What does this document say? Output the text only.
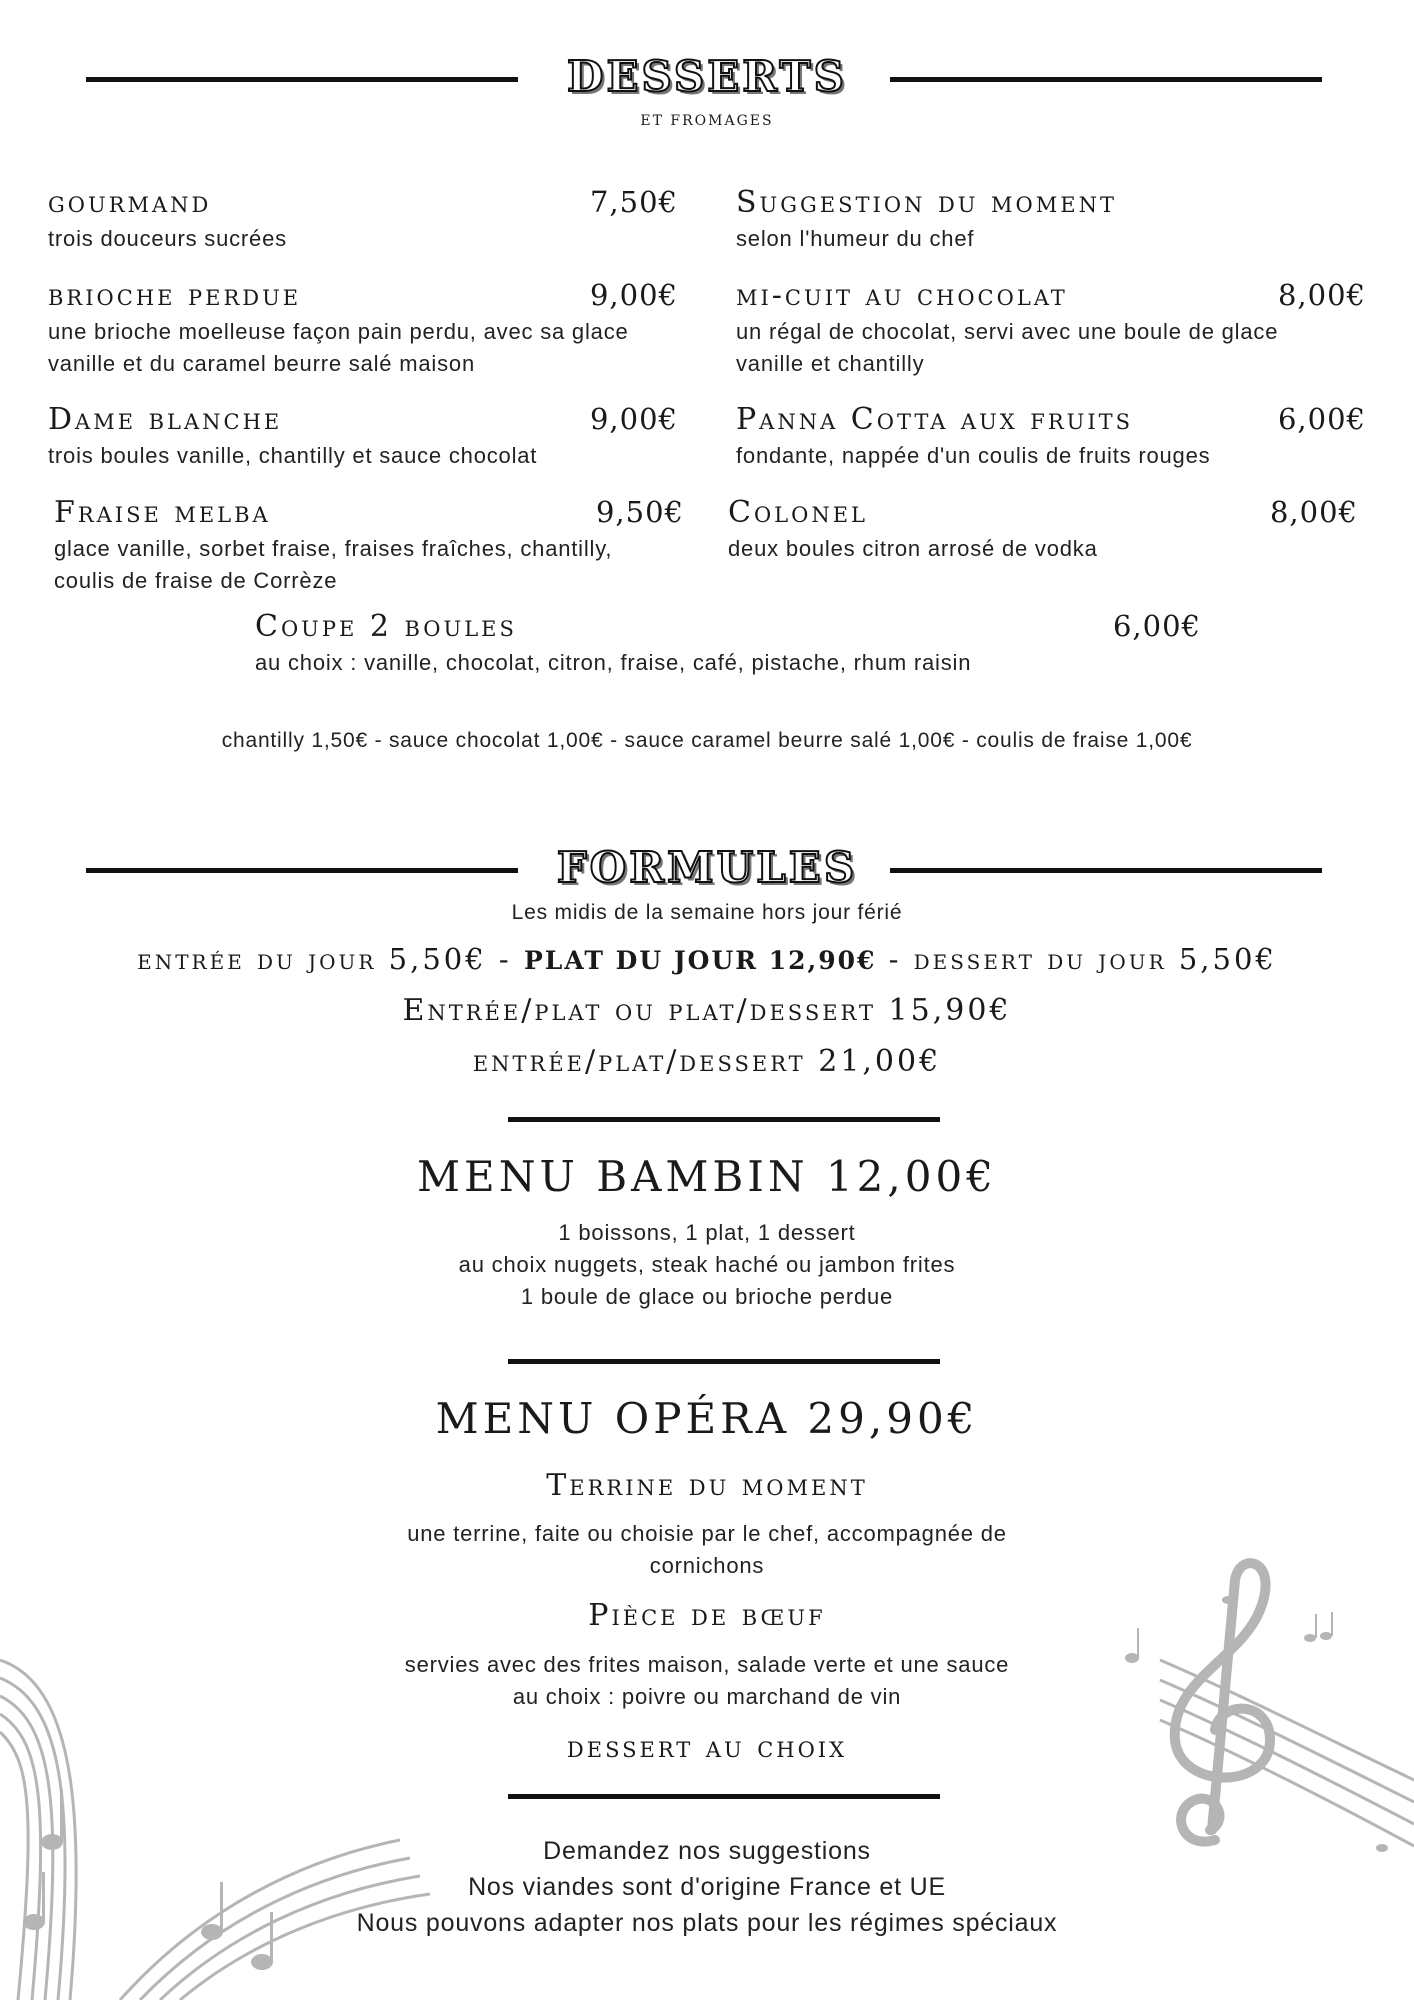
DESSERTS
ET FROMAGES
gourmand	7,50€
trois douceurs sucrées
Suggestion du moment
selon l'humeur du chef
brioche perdue	9,00€
une brioche moelleuse façon pain perdu, avec sa glace vanille et du caramel beurre salé maison
mi-cuit au chocolat	8,00€
un régal de chocolat, servi avec une boule de glace vanille et chantilly
Dame blanche	9,00€
trois boules vanille, chantilly et sauce chocolat
Panna Cotta aux fruits	6,00€
fondante, nappée d'un coulis de fruits rouges
Fraise melba	9,50€
glace vanille, sorbet fraise, fraises fraîches, chantilly, coulis de fraise de Corrèze
Colonel	8,00€
deux boules citron arrosé de vodka
Coupe 2 boules	6,00€
au choix : vanille, chocolat, citron, fraise, café, pistache, rhum raisin
chantilly 1,50€ - sauce chocolat 1,00€ - sauce caramel beurre salé 1,00€ - coulis de fraise 1,00€
FORMULES
Les midis de la semaine hors jour férié
entrée du jour 5,50€ - PLAT DU JOUR 12,90€ - dessert du jour 5,50€
Entrée/plat ou plat/dessert 15,90€
entrée/plat/dessert 21,00€
MENU BAMBIN 12,00€
1 boissons, 1 plat, 1 dessert
au choix nuggets, steak haché ou jambon frites
1 boule de glace ou brioche perdue
MENU OPÉRA 29,90€
Terrine du moment
une terrine, faite ou choisie par le chef, accompagnée de
cornichons
Pièce de bœuf
servies avec des frites maison, salade verte et une sauce
au choix : poivre ou marchand de vin
dessert au choix
Demandez nos suggestions
Nos viandes sont d'origine France et UE
Nous pouvons adapter nos plats pour les régimes spéciaux
